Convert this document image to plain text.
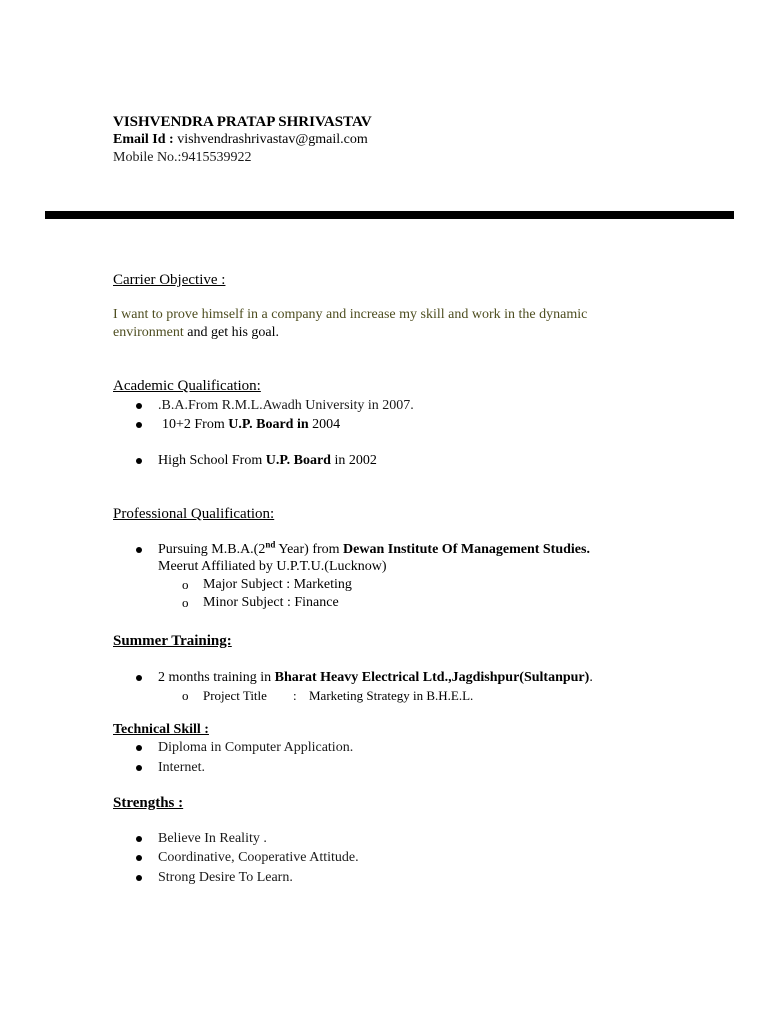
VISHVENDRA PRATAP SHRIVASTAV
Email Id : vishvendrashrivastav@gmail.com
Mobile No.:9415539922
Carrier Objective :
I want to prove himself in a company and increase my skill and work in the dynamic
environment and get his goal.
Academic Qualification:
.B.A.From R.M.L.Awadh University in 2007.
10+2 From U.P. Board in 2004
High School From U.P. Board in 2002
Professional Qualification:
Pursuing M.B.A.(2nd Year) from Dewan Institute Of Management Studies.
Meerut Affiliated by U.P.T.U.(Lucknow)
o Major Subject : Marketing
o Minor Subject : Finance
Summer Training:
2 months training in Bharat Heavy Electrical Ltd.,Jagdishpur(Sultanpur).
o Project Title : Marketing Strategy in B.H.E.L.
Technical Skill :
Diploma in Computer Application.
Internet.
Strengths :
Believe In Reality .
Coordinative, Cooperative Attitude.
Strong Desire To Learn.
